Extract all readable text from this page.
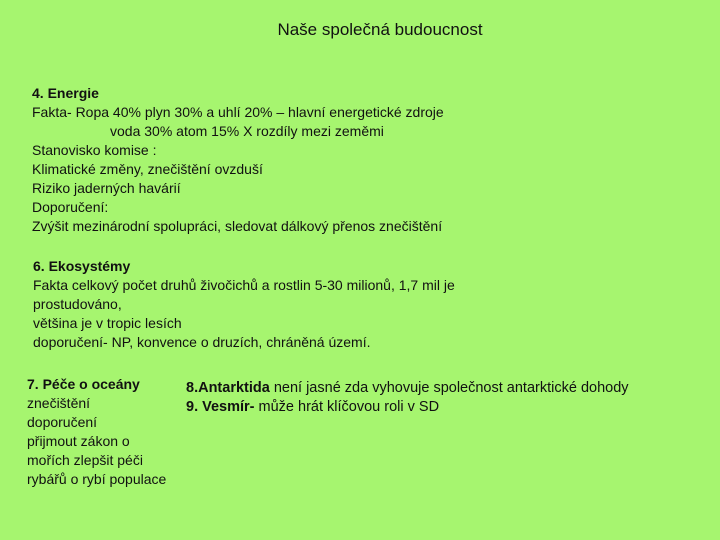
Naše společná budoucnost
4. Energie
Fakta- Ropa 40% plyn 30% a uhlí 20% – hlavní energetické zdroje
voda 30% atom 15% X rozdíly mezi zeměmi
Stanovisko komise :
Klimatické změny, znečištění ovzduší
Riziko jaderných havárií
Doporučení:
Zvýšit mezinárodní spolupráci, sledovat dálkový přenos znečištění
6. Ekosystémy
Fakta celkový počet druhů živočichů a rostlin 5-30 milionů, 1,7 mil je prostudováno,
většina je v tropic lesích
doporučení- NP, konvence o druzích, chráněná území.
7. Péče o oceány
znečištění
doporučení
přijmout zákon o mořích zlepšit péči rybářů o rybí populace
8.Antarktida není jasné zda vyhovuje společnost antarktické dohody
9. Vesmír- může hrát klíčovou roli v SD
